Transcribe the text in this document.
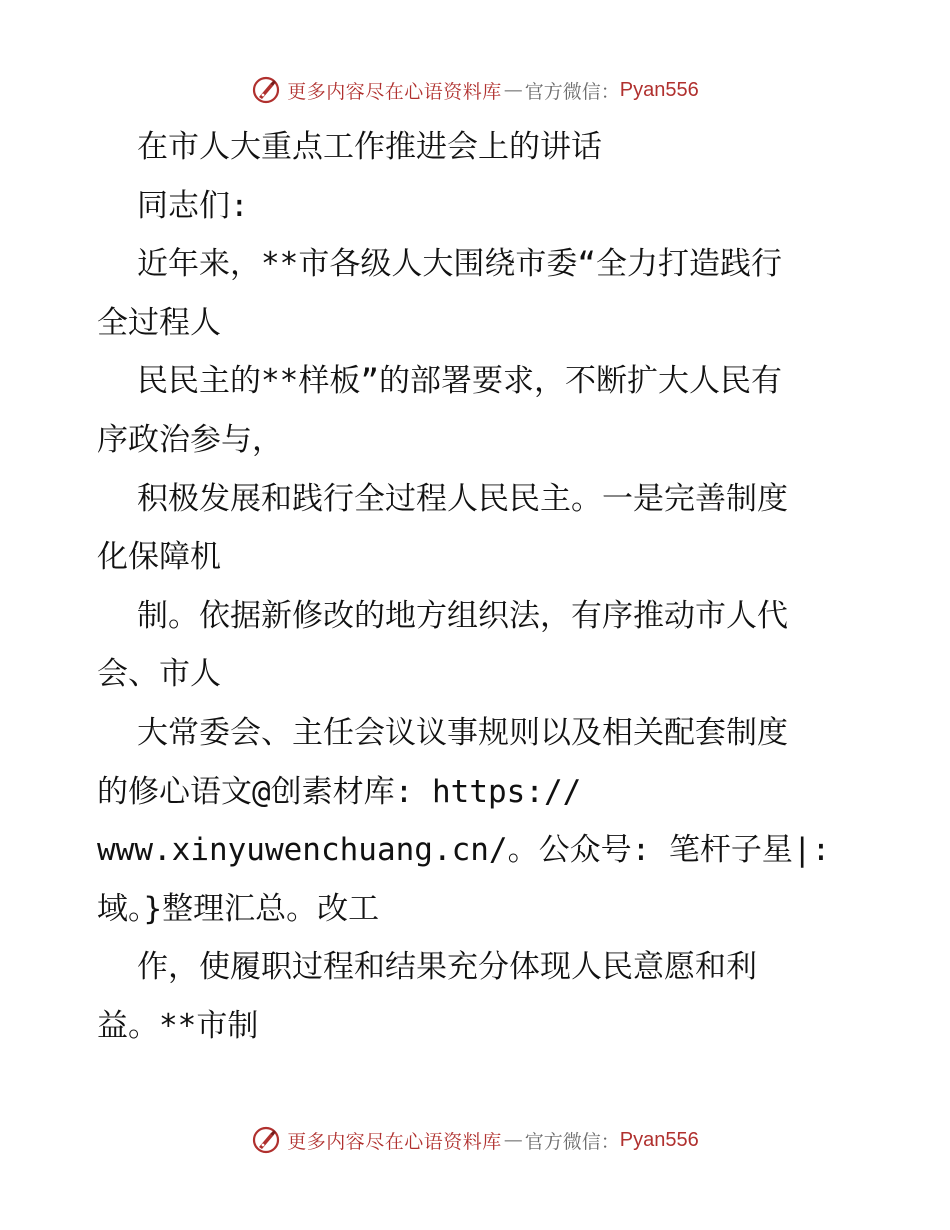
更多内容尽在心语资料库 — 官方微信： Pyan556
在市人大重点工作推进会上的讲话
同志们:
近年来，**市各级人大围绕市委“全力打造践行
全过程人
民民主的**样板”的部署要求，不断扩大人民有
序政治参与，
积极发展和践行全过程人民民主。一是完善制度
化保障机
制。依据新修改的地方组织法，有序推动市人代
会、市人
大常委会、主任会议议事规则以及相关配套制度
的修心语文@创素材库: https://
www.xinyuwenchuang.cn/。公众号: 笔杆子星|:
域。}整理汇总。改工
作，使履职过程和结果充分体现人民意愿和利
益。**市制
更多内容尽在心语资料库 — 官方微信： Pyan556
